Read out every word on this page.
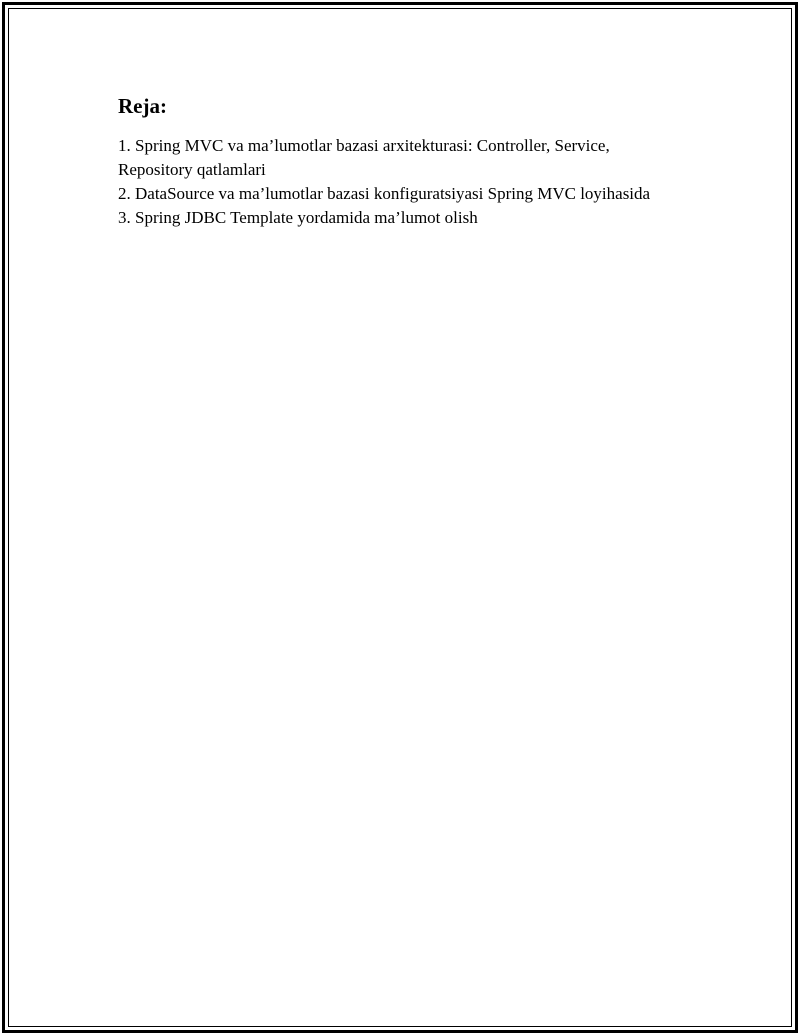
Reja:
1. Spring MVC va ma’lumotlar bazasi arxitekturasi: Controller, Service, Repository qatlamlari
2. DataSource va ma’lumotlar bazasi konfiguratsiyasi Spring MVC loyihasida
3. Spring JDBC Template yordamida ma’lumot olish
